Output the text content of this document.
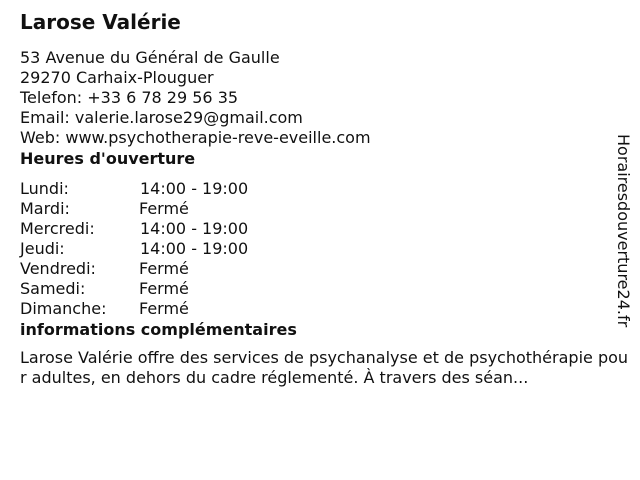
Larose Valérie
53 Avenue du Général de Gaulle
29270 Carhaix-Plouguer
Telefon: +33 6 78 29 56 35
Email: valerie.larose29@gmail.com
Web: www.psychotherapie-reve-eveille.com
Heures d'ouverture
Lundi:	14:00 - 19:00
Mardi:	Fermé
Mercredi:	14:00 - 19:00
Jeudi:	14:00 - 19:00
Vendredi:	Fermé
Samedi:	Fermé
Dimanche: Fermé
informations complémentaires
Larose Valérie offre des services de psychanalyse et de psychothérapie pour adultes, en dehors du cadre réglementé. À travers des séan...
Horairesdouverture24.fr
